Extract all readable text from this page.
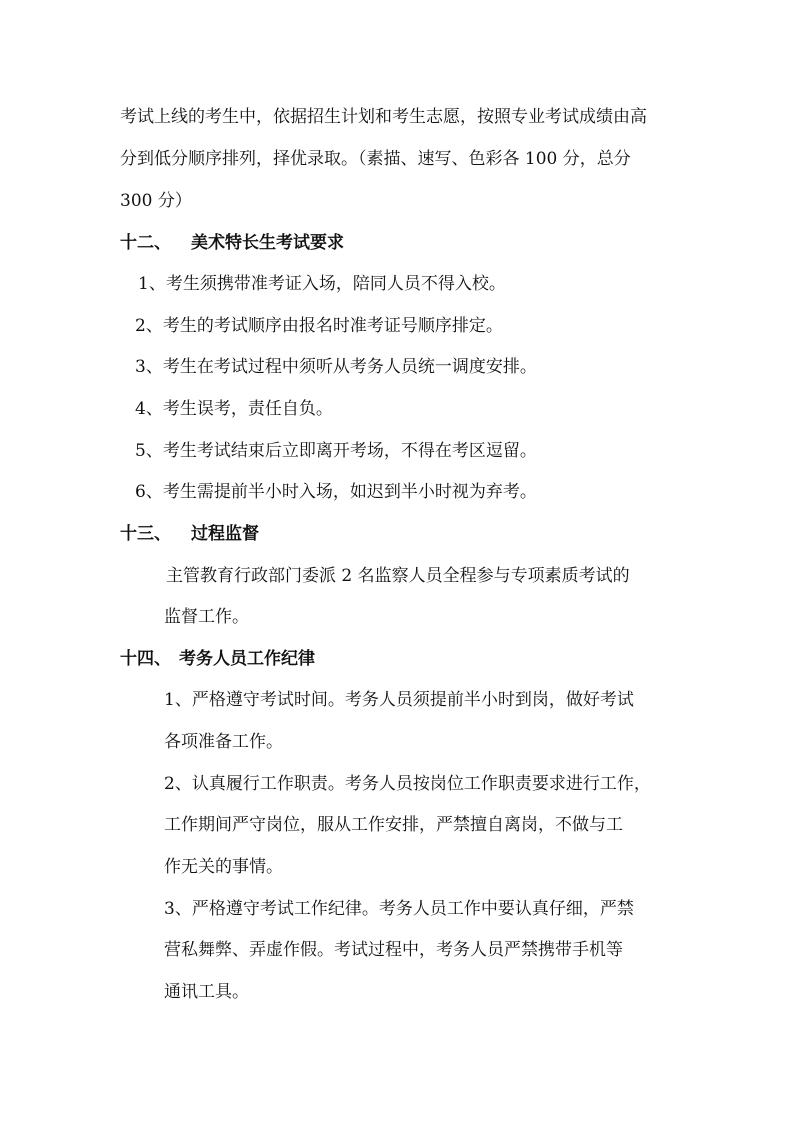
考试上线的考生中，依据招生计划和考生志愿，按照专业考试成绩由高
分到低分顺序排列，择优录取。（素描、速写、色彩各 100 分，总分
300 分）
十二、 美术特长生考试要求
1、考生须携带准考证入场，陪同人员不得入校。
2、考生的考试顺序由报名时准考证号顺序排定。
3、考生在考试过程中须听从考务人员统一调度安排。
4、考生误考，责任自负。
5、考生考试结束后立即离开考场，不得在考区逗留。
6、考生需提前半小时入场，如迟到半小时视为弃考。
十三、 过程监督
主管教育行政部门委派 2 名监察人员全程参与专项素质考试的
监督工作。
十四、 考务人员工作纪律
1、严格遵守考试时间。考务人员须提前半小时到岗，做好考试
各项准备工作。
2、认真履行工作职责。考务人员按岗位工作职责要求进行工作，
工作期间严守岗位，服从工作安排，严禁擅自离岗，不做与工
作无关的事情。
3、严格遵守考试工作纪律。考务人员工作中要认真仔细，严禁
营私舞弊、弄虚作假。考试过程中，考务人员严禁携带手机等
通讯工具。
